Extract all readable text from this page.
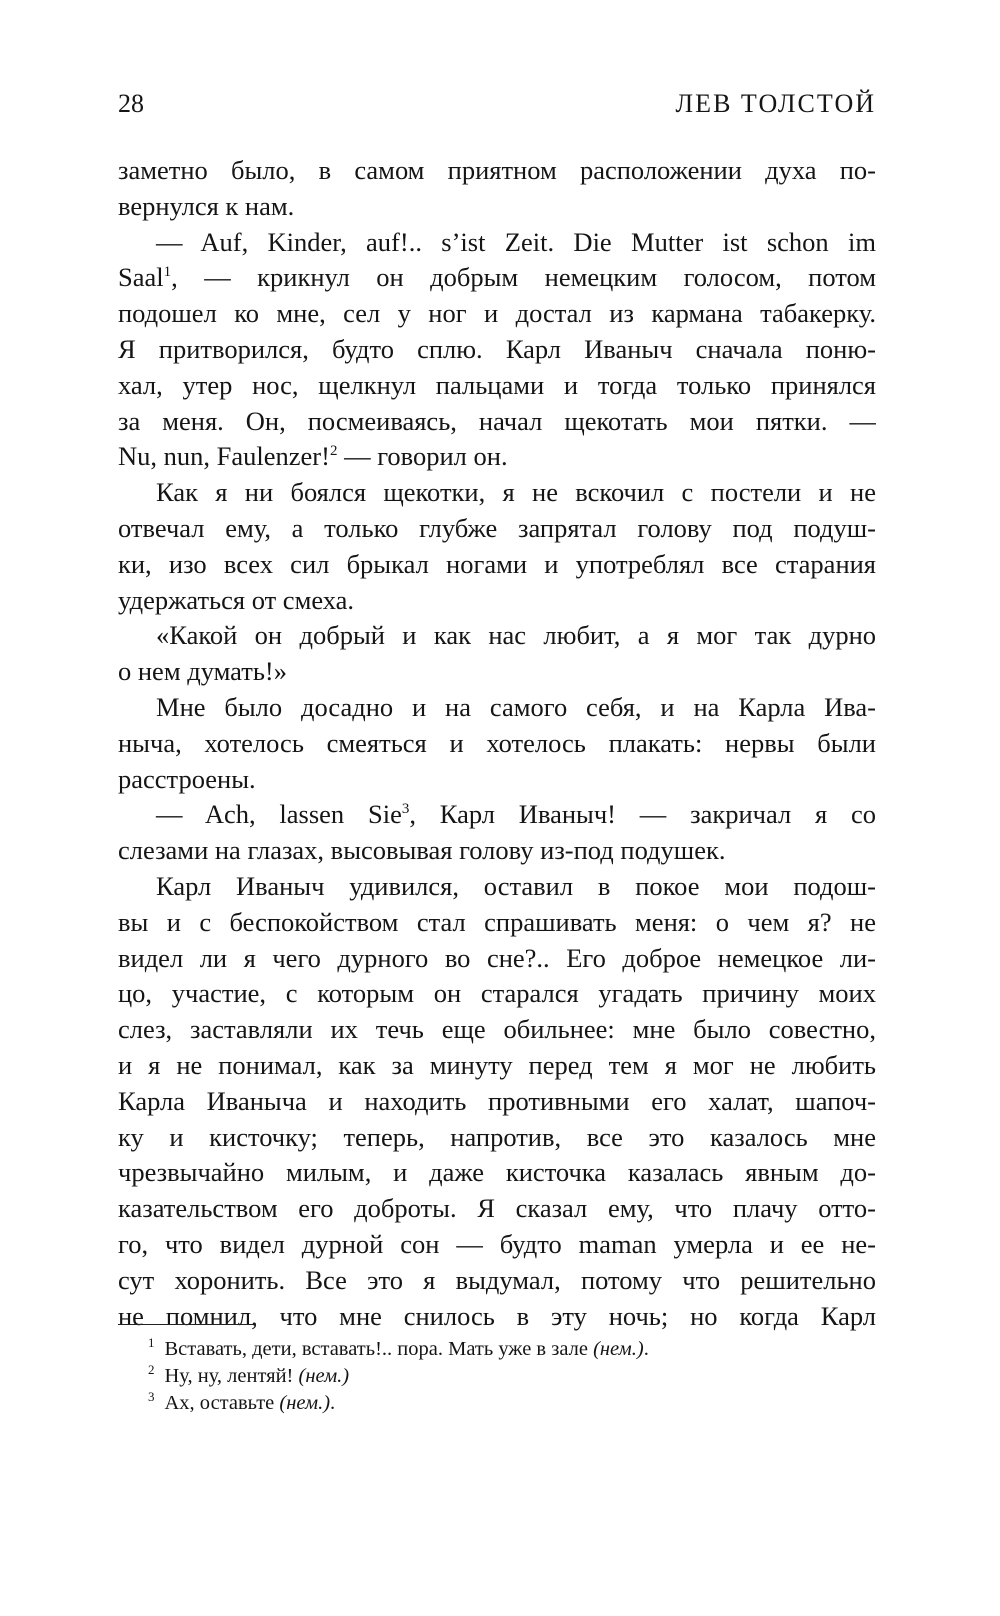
28	ЛЕВ ТОЛСТОЙ
заметно было, в самом приятном расположении духа по-
вернулся к нам.
— Auf, Kinder, auf!.. s’ist Zeit. Die Mutter ist schon im
Saal$^1$, — крикнул он добрым немецким голосом, потом
подошел ко мне, сел у ног и достал из кармана табакерку.
Я притворился, будто сплю. Карл Иваныч сначала поню-
хал, утер нос, щелкнул пальцами и тогда только принялся
за меня. Он, посмеиваясь, начал щекотать мои пятки. —
Nu, nun, Faulenzer!$^2$ — говорил он.
Как я ни боялся щекотки, я не вскочил с постели и не
отвечал ему, а только глубже запрятал голову под подуш-
ки, изо всех сил брыкал ногами и употреблял все старания
удержаться от смеха.
«Какой он добрый и как нас любит, а я мог так дурно
о нем думать!»
Мне было досадно и на самого себя, и на Карла Ива-
ныча, хотелось смеяться и хотелось плакать: нервы были
расстроены.
— Ach, lassen Sie$^3$, Карл Иваныч! — закричал я со
слезами на глазах, высовывая голову из-под подушек.
Карл Иваныч удивился, оставил в покое мои подош-
вы и с беспокойством стал спрашивать меня: о чем я? не
видел ли я чего дурного во сне?.. Его доброе немецкое ли-
цо, участие, с которым он старался угадать причину моих
слез, заставляли их течь еще обильнее: мне было совестно,
и я не понимал, как за минуту перед тем я мог не любить
Карла Иваныча и находить противными его халат, шапоч-
ку и кисточку; теперь, напротив, все это казалось мне
чрезвычайно милым, и даже кисточка казалась явным до-
казательством его доброты. Я сказал ему, что плачу отто-
го, что видел дурной сон — будто maman умерла и ее не-
сут хоронить. Все это я выдумал, потому что решительно
не помнил, что мне снилось в эту ночь; но когда Карл
$^1$ Вставать, дети, вставать!.. пора. Мать уже в зале (нем.).
$^2$ Ну, ну, лентяй! (нем.)
$^3$ Ах, оставьте (нем.).
